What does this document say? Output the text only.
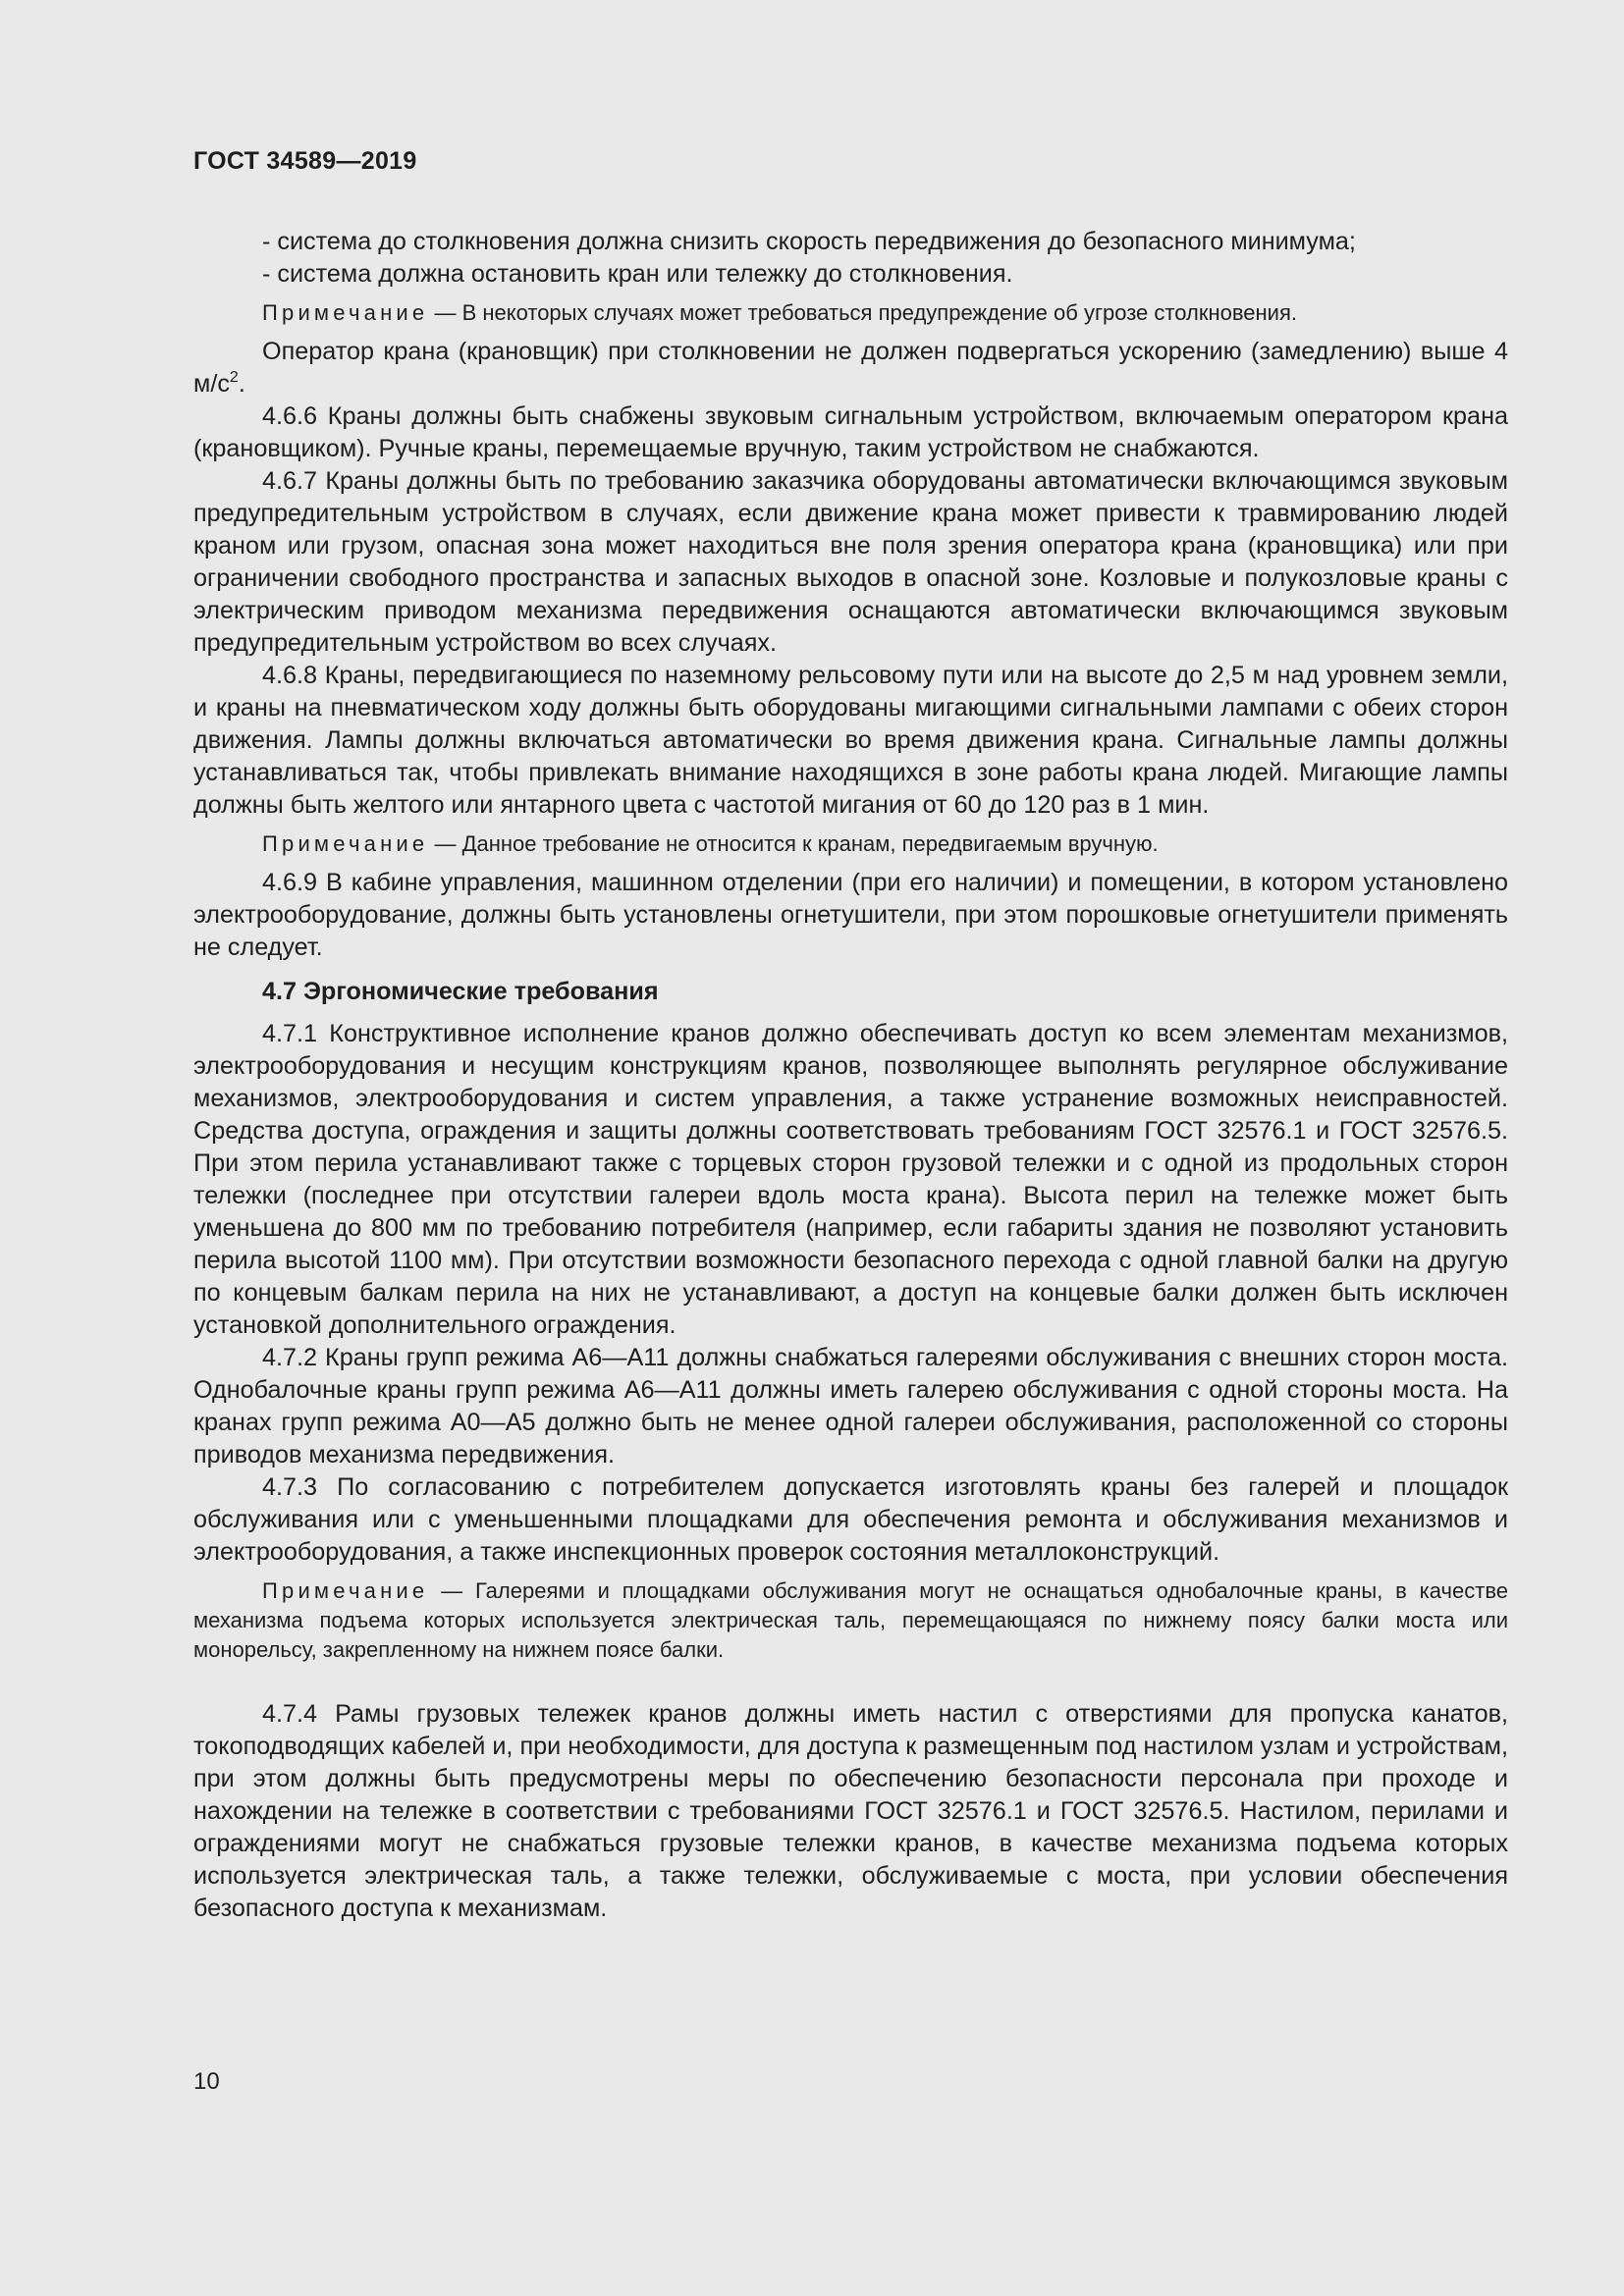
ГОСТ 34589—2019

- система до столкновения должна снизить скорость передвижения до безопасного минимума;

- система должна остановить кран или тележку до столкновения.

Примечание — В некоторых случаях может требоваться предупреждение об угрозе столкновения.

Оператор крана (крановщик) при столкновении не должен подвергаться ускорению (замедлению) выше 4 $м/с^2$.

4.6.6 Краны должны быть снабжены звуковым сигнальным устройством, включаемым оператором крана (крановщиком). Ручные краны, перемещаемые вручную, таким устройством не снабжаются.

4.6.7 Краны должны быть по требованию заказчика оборудованы автоматически включающимся звуковым предупредительным устройством в случаях, если движение крана может привести к травмированию людей краном или грузом, опасная зона может находиться вне поля зрения оператора крана (крановщика) или при ограничении свободного пространства и запасных выходов в опасной зоне. Козловые и полукозловые краны с электрическим приводом механизма передвижения оснащаются автоматически включающимся звуковым предупредительным устройством во всех случаях.

4.6.8 Краны, передвигающиеся по наземному рельсовому пути или на высоте до 2,5 м над уровнем земли, и краны на пневматическом ходу должны быть оборудованы мигающими сигнальными лампами с обеих сторон движения. Лампы должны включаться автоматически во время движения крана. Сигнальные лампы должны устанавливаться так, чтобы привлекать внимание находящихся в зоне работы крана людей. Мигающие лампы должны быть желтого или янтарного цвета с частотой мигания от 60 до 120 раз в 1 мин.

Примечание — Данное требование не относится к кранам, передвигаемым вручную.

4.6.9 В кабине управления, машинном отделении (при его наличии) и помещении, в котором установлено электрооборудование, должны быть установлены огнетушители, при этом порошковые огнетушители применять не следует.

4.7 Эргономические требования

4.7.1 Конструктивное исполнение кранов должно обеспечивать доступ ко всем элементам механизмов, электрооборудования и несущим конструкциям кранов, позволяющее выполнять регулярное обслуживание механизмов, электрооборудования и систем управления, а также устранение возможных неисправностей. Средства доступа, ограждения и защиты должны соответствовать требованиям ГОСТ 32576.1 и ГОСТ 32576.5. При этом перила устанавливают также с торцевых сторон грузовой тележки и с одной из продольных сторон тележки (последнее при отсутствии галереи вдоль моста крана). Высота перил на тележке может быть уменьшена до 800 мм по требованию потребителя (например, если габариты здания не позволяют установить перила высотой 1100 мм). При отсутствии возможности безопасного перехода с одной главной балки на другую по концевым балкам перила на них не устанавливают, а доступ на концевые балки должен быть исключен установкой дополнительного ограждения.

4.7.2 Краны групп режима А6—А11 должны снабжаться галереями обслуживания с внешних сторон моста. Однобалочные краны групп режима А6—А11 должны иметь галерею обслуживания с одной стороны моста. На кранах групп режима А0—А5 должно быть не менее одной галереи обслуживания, расположенной со стороны приводов механизма передвижения.

4.7.3 По согласованию с потребителем допускается изготовлять краны без галерей и площадок обслуживания или с уменьшенными площадками для обеспечения ремонта и обслуживания механизмов и электрооборудования, а также инспекционных проверок состояния металлоконструкций.

Примечание — Галереями и площадками обслуживания могут не оснащаться однобалочные краны, в качестве механизма подъема которых используется электрическая таль, перемещающаяся по нижнему поясу балки моста или монорельсу, закрепленному на нижнем поясе балки.

4.7.4 Рамы грузовых тележек кранов должны иметь настил с отверстиями для пропуска канатов, токоподводящих кабелей и, при необходимости, для доступа к размещенным под настилом узлам и устройствам, при этом должны быть предусмотрены меры по обеспечению безопасности персонала при проходе и нахождении на тележке в соответствии с требованиями ГОСТ 32576.1 и ГОСТ 32576.5. Настилом, перилами и ограждениями могут не снабжаться грузовые тележки кранов, в качестве механизма подъема которых используется электрическая таль, а также тележки, обслуживаемые с моста, при условии обеспечения безопасного доступа к механизмам.

10
